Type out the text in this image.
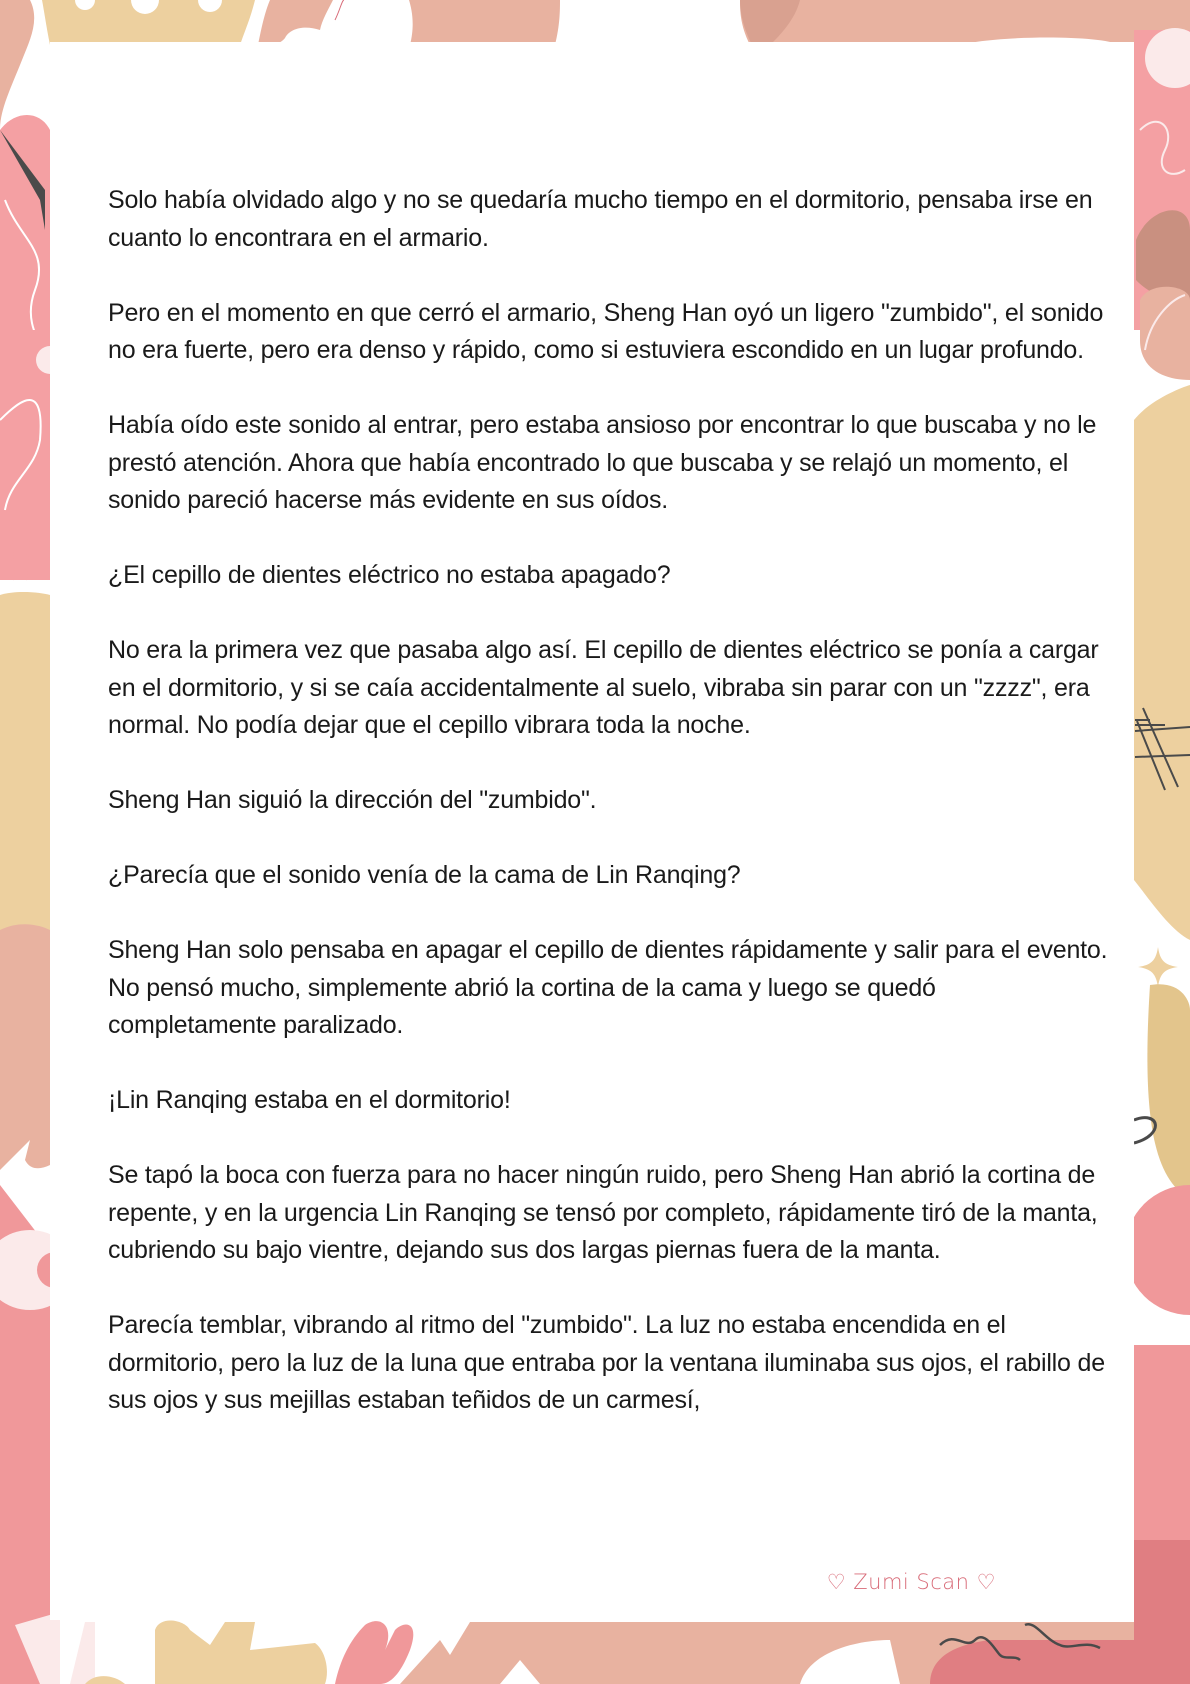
Solo había olvidado algo y no se quedaría mucho tiempo en el dormitorio, pensaba irse en cuanto lo encontrara en el armario.

Pero en el momento en que cerró el armario, Sheng Han oyó un ligero "zumbido", el sonido no era fuerte, pero era denso y rápido, como si estuviera escondido en un lugar profundo.

Había oído este sonido al entrar, pero estaba ansioso por encontrar lo que buscaba y no le prestó atención. Ahora que había encontrado lo que buscaba y se relajó un momento, el sonido pareció hacerse más evidente en sus oídos.

¿El cepillo de dientes eléctrico no estaba apagado?

No era la primera vez que pasaba algo así. El cepillo de dientes eléctrico se ponía a cargar en el dormitorio, y si se caía accidentalmente al suelo, vibraba sin parar con un "zzzz", era normal. No podía dejar que el cepillo vibrara toda la noche.

Sheng Han siguió la dirección del "zumbido".

¿Parecía que el sonido venía de la cama de Lin Ranqing?

Sheng Han solo pensaba en apagar el cepillo de dientes rápidamente y salir para el evento. No pensó mucho, simplemente abrió la cortina de la cama y luego se quedó completamente paralizado.

¡Lin Ranqing estaba en el dormitorio!

Se tapó la boca con fuerza para no hacer ningún ruido, pero Sheng Han abrió la cortina de repente, y en la urgencia Lin Ranqing se tensó por completo, rápidamente tiró de la manta, cubriendo su bajo vientre, dejando sus dos largas piernas fuera de la manta.

Parecía temblar, vibrando al ritmo del "zumbido". La luz no estaba encendida en el dormitorio, pero la luz de la luna que entraba por la ventana iluminaba sus ojos, el rabillo de sus ojos y sus mejillas estaban teñidos de un carmesí,

♡ Zumi Scan ♡
